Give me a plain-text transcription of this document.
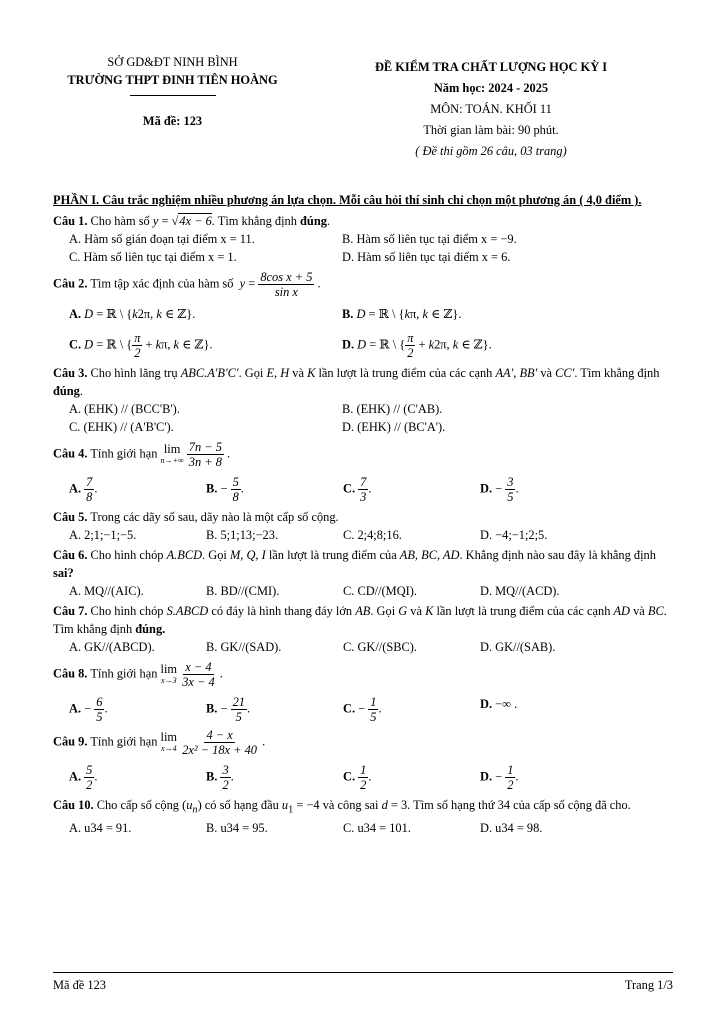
SỞ GD&ĐT NINH BÌNH
TRƯỜNG THPT ĐINH TIÊN HOÀNG
Mã đề: 123
ĐỀ KIỂM TRA CHẤT LƯỢNG HỌC KỲ I
Năm học: 2024 - 2025
MÔN: TOÁN. KHỐI 11
Thời gian làm bài: 90 phút.
( Đề thi gồm 26 câu, 03 trang)
PHẦN I. Câu trắc nghiệm nhiều phương án lựa chọn. Mỗi câu hỏi thí sinh chỉ chọn một phương án ( 4,0 điểm ).
Câu 1. Cho hàm số y = √4x − 6. Tìm khẳng định đúng.
A. Hàm số gián đoạn tại điểm x = 11.	B. Hàm số liên tục tại điểm x = −9.
C. Hàm số liên tục tại điểm x = 1.	D. Hàm số liên tục tại điểm x = 6.
Câu 2. Tìm tập xác định của hàm số $y = \frac{\text{8cos x + 5}}{\text{sin x}}$ .
A. D = ℝ \ {k2π, k ∈ ℤ}.	B. D = ℝ \ {kπ, k ∈ ℤ}.
C. D = ℝ \ { $\frac{\pi}{2} + k\pi$, k ∈ ℤ}.	D. D = ℝ \ { $\frac{\pi}{2} + k2\pi$, k ∈ ℤ}.
Câu 3. Cho hình lăng trụ ABC.A'B'C'. Gọi E, H và K lần lượt là trung điểm của các cạnh AA', BB' và CC'. Tìm khẳng định đúng.
A. (EHK) // (BCC'B').	B. (EHK) // (C'AB).
C. (EHK) // (A'B'C').	D. (EHK) // (BC'A').
Câu 4. Tính giới hạn lim
n→+∞
$\frac{7n - 5}{3n + 8}$ .
A. $\frac{7}{8}$ .	B. − $\frac{5}{8}$ .	C. $\frac{7}{3}$ .	D. − $\frac{3}{5}$ .
Câu 5. Trong các dãy số sau, dãy nào là một cấp số cộng.
A. 2;1;−1;−5.	B. 5;1;13;−23.	C. 2;4;8;16.	D. −4;−1;2;5.
Câu 6. Cho hình chóp A.BCD. Gọi M, Q, I lần lượt là trung điểm của AB, BC, AD. Khẳng định nào sau đây là khẳng định sai?
A. MQ//(AIC).	B. BD//(CMI).	C. CD//(MQI).	D. MQ//(ACD).
Câu 7. Cho hình chóp S.ABCD có đáy là hình thang đáy lớn AB. Gọi G và K lần lượt là trung điểm của các cạnh AD và BC. Tìm khẳng định đúng.
A. GK//(ABCD).	B. GK//(SAD).	C. GK//(SBC).	D. GK//(SAB).
Câu 8. Tính giới hạn lim
x→3
$\frac{x - 4}{3x - 4}$ .
A. − $\frac{6}{5}$ .	B. − $\frac{21}{5}$ .	C. − $\frac{1}{5}$ .	D. −∞ .
Câu 9. Tính giới hạn lim
x→4
$\frac{4 - x}{\text{2x² − 18x + 40}}$ .
A. $\frac{5}{2}$ .	B. $\frac{3}{2}$ .	C. $\frac{1}{2}$ .	D. − $\frac{1}{2}$ .
Câu 10. Cho cấp số cộng $(u_n)$ có số hạng đầu $u_1 = -4$ và công sai d = 3. Tìm số hạng thứ 34 của cấp số cộng đã cho.
A. u34 = 91.	B. u34 = 95.	C. u34 = 101.	D. u34 = 98.
Mã đề 123	Trang 1/3
